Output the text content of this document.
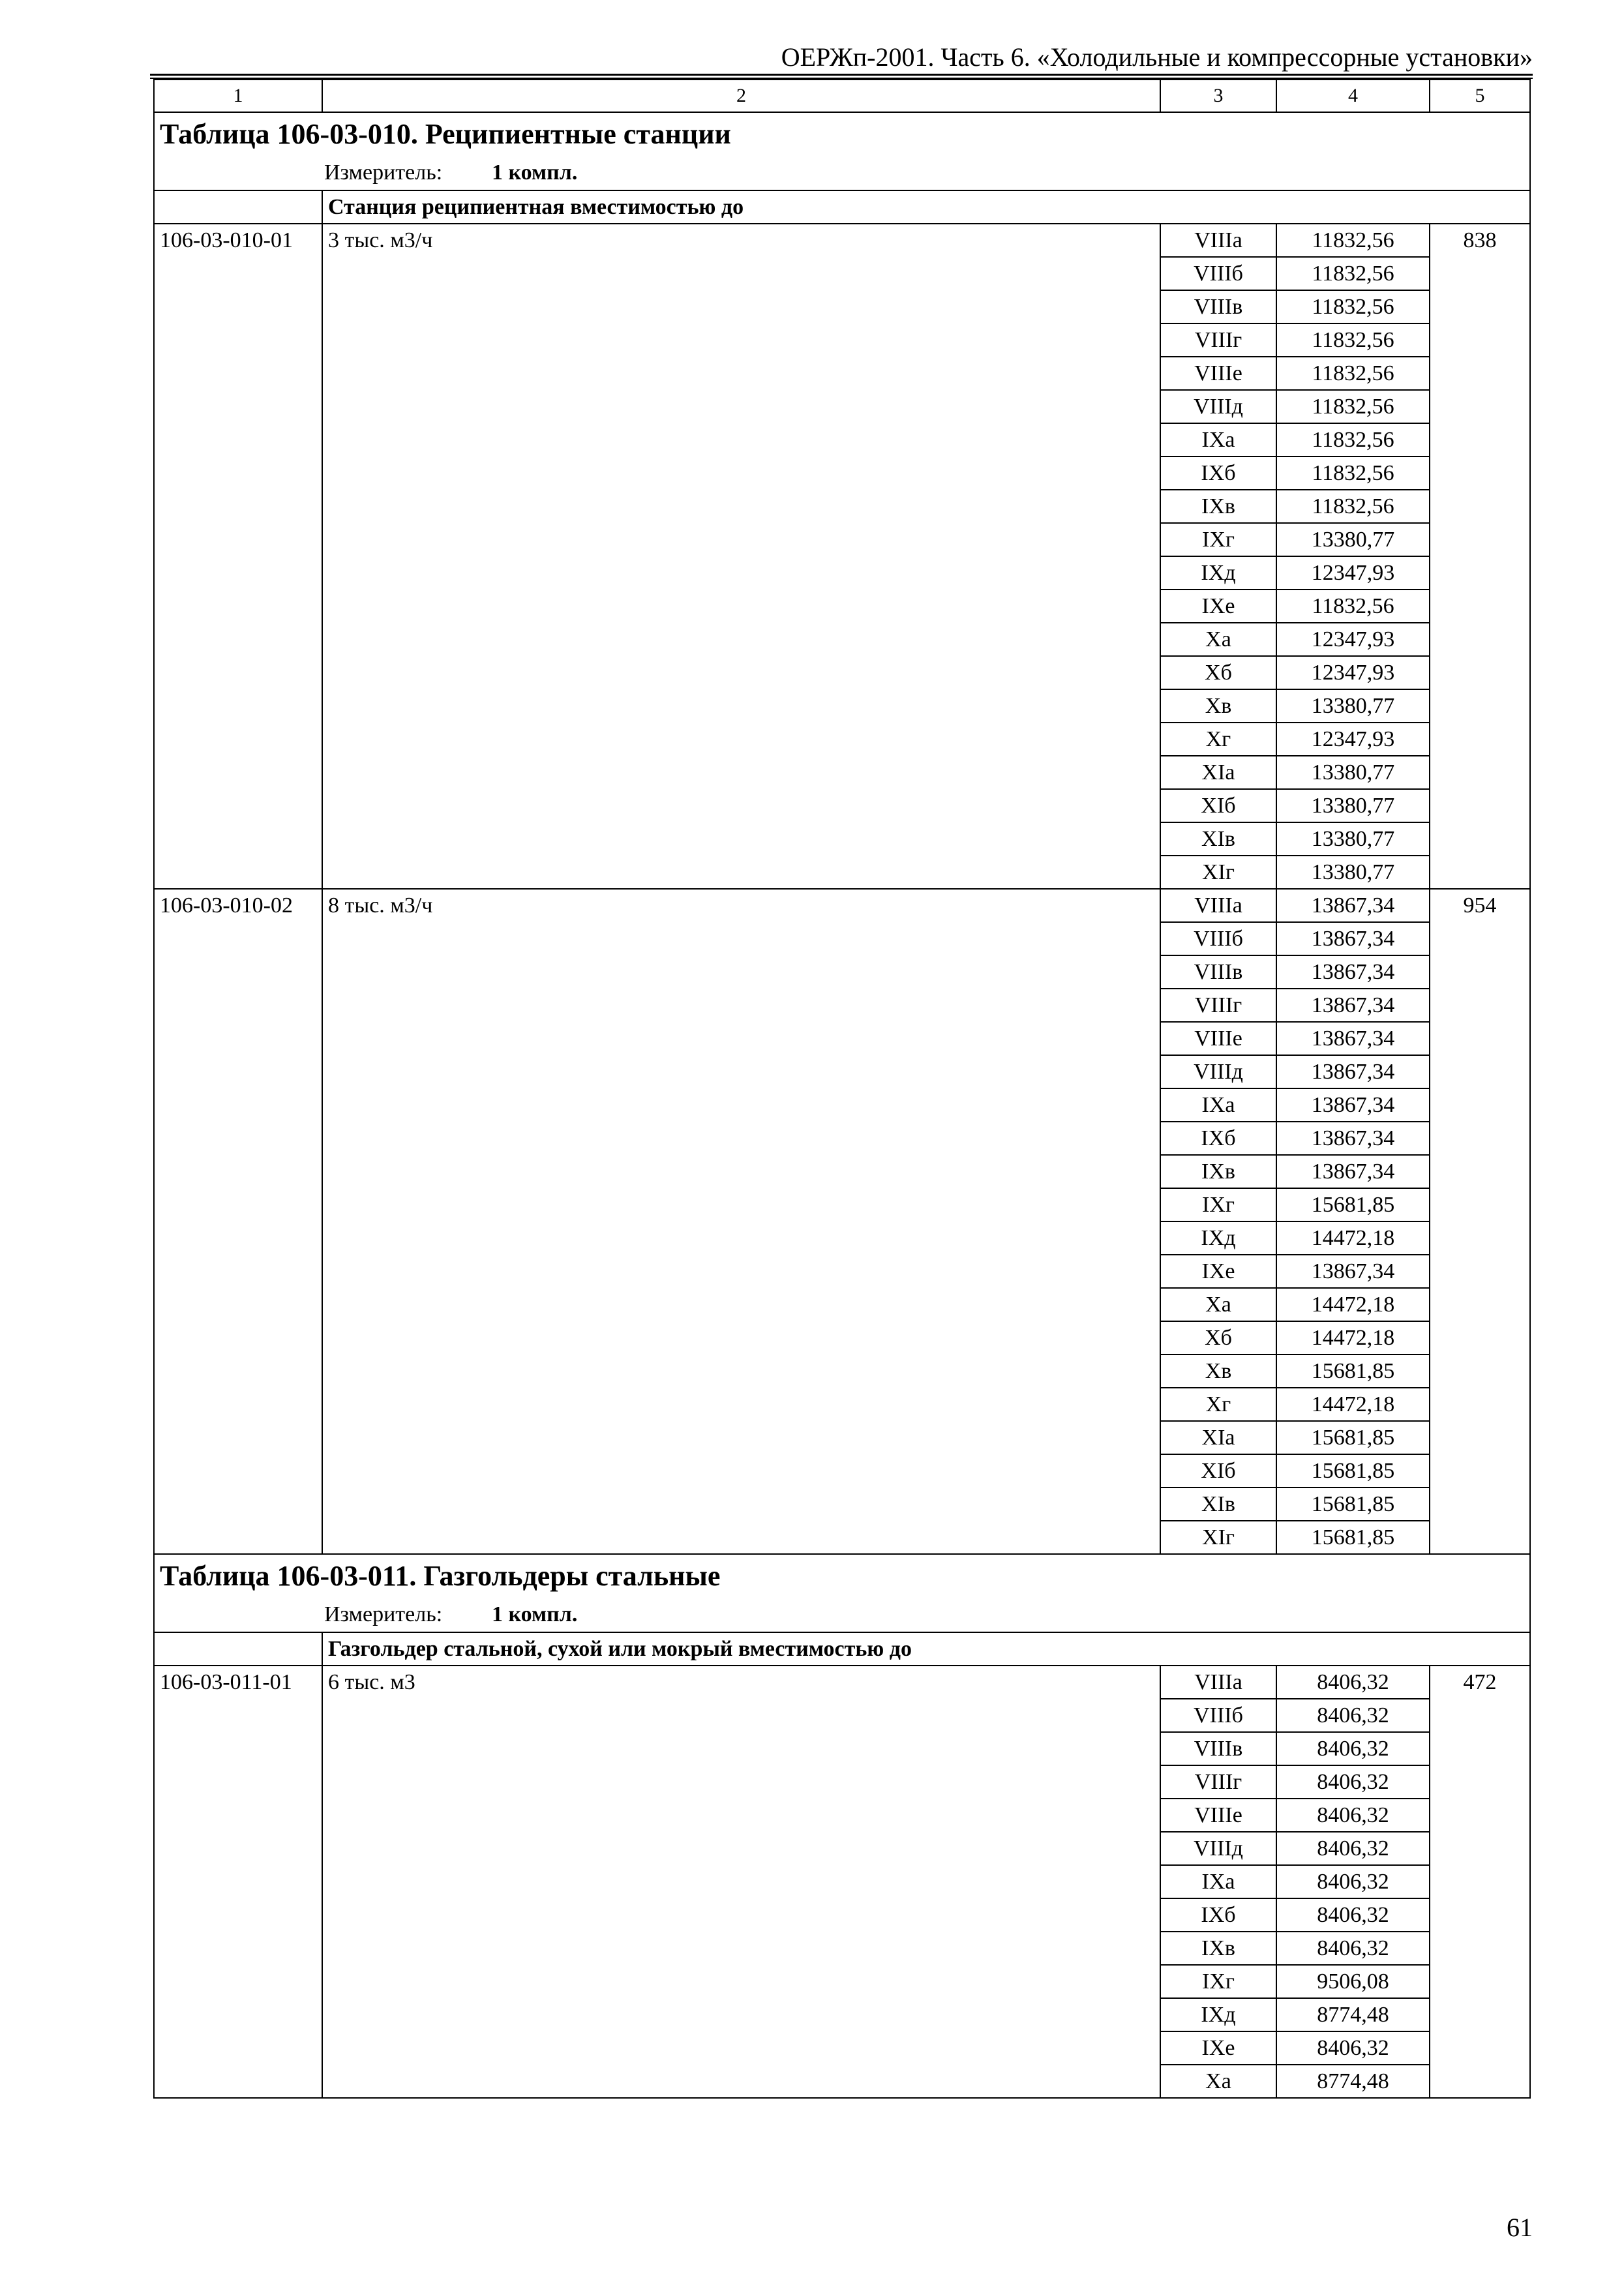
ОЕРЖп-2001. Часть 6. «Холодильные и компрессорные установки»
1	2	3	4	5
Таблица 106-03-010. Реципиентные станции				
Измеритель: 1 компл.				
	Станция реципиентная вместимостью до			
106-03-010-01	3 тыс. м3/ч	VIIIа	11832,56	838
		VIIIб	11832,56	
		VIIIв	11832,56	
		VIIIг	11832,56	
		VIIIе	11832,56	
		VIIIд	11832,56	
		IXа	11832,56	
		IXб	11832,56	
		IXв	11832,56	
		IXг	13380,77	
		IXд	12347,93	
		IXе	11832,56	
		Xа	12347,93	
		Xб	12347,93	
		Xв	13380,77	
		Xг	12347,93	
		XIа	13380,77	
		XIб	13380,77	
		XIв	13380,77	
		XIг	13380,77	
106-03-010-02	8 тыс. м3/ч	VIIIа	13867,34	954
		VIIIб	13867,34	
		VIIIв	13867,34	
		VIIIг	13867,34	
		VIIIе	13867,34	
		VIIIд	13867,34	
		IXа	13867,34	
		IXб	13867,34	
		IXв	13867,34	
		IXг	15681,85	
		IXд	14472,18	
		IXе	13867,34	
		Xа	14472,18	
		Xб	14472,18	
		Xв	15681,85	
		Xг	14472,18	
		XIа	15681,85	
		XIб	15681,85	
		XIв	15681,85	
		XIг	15681,85	
Таблица 106-03-011. Газгольдеры стальные				
Измеритель: 1 компл.				
	Газгольдер стальной, сухой или мокрый вместимостью до			
106-03-011-01	6 тыс. м3	VIIIа	8406,32	472
		VIIIб	8406,32	
		VIIIв	8406,32	
		VIIIг	8406,32	
		VIIIе	8406,32	
		VIIIд	8406,32	
		IXа	8406,32	
		IXб	8406,32	
		IXв	8406,32	
		IXг	9506,08	
		IXд	8774,48	
		IXе	8406,32	
		Xа	8774,48	
61
